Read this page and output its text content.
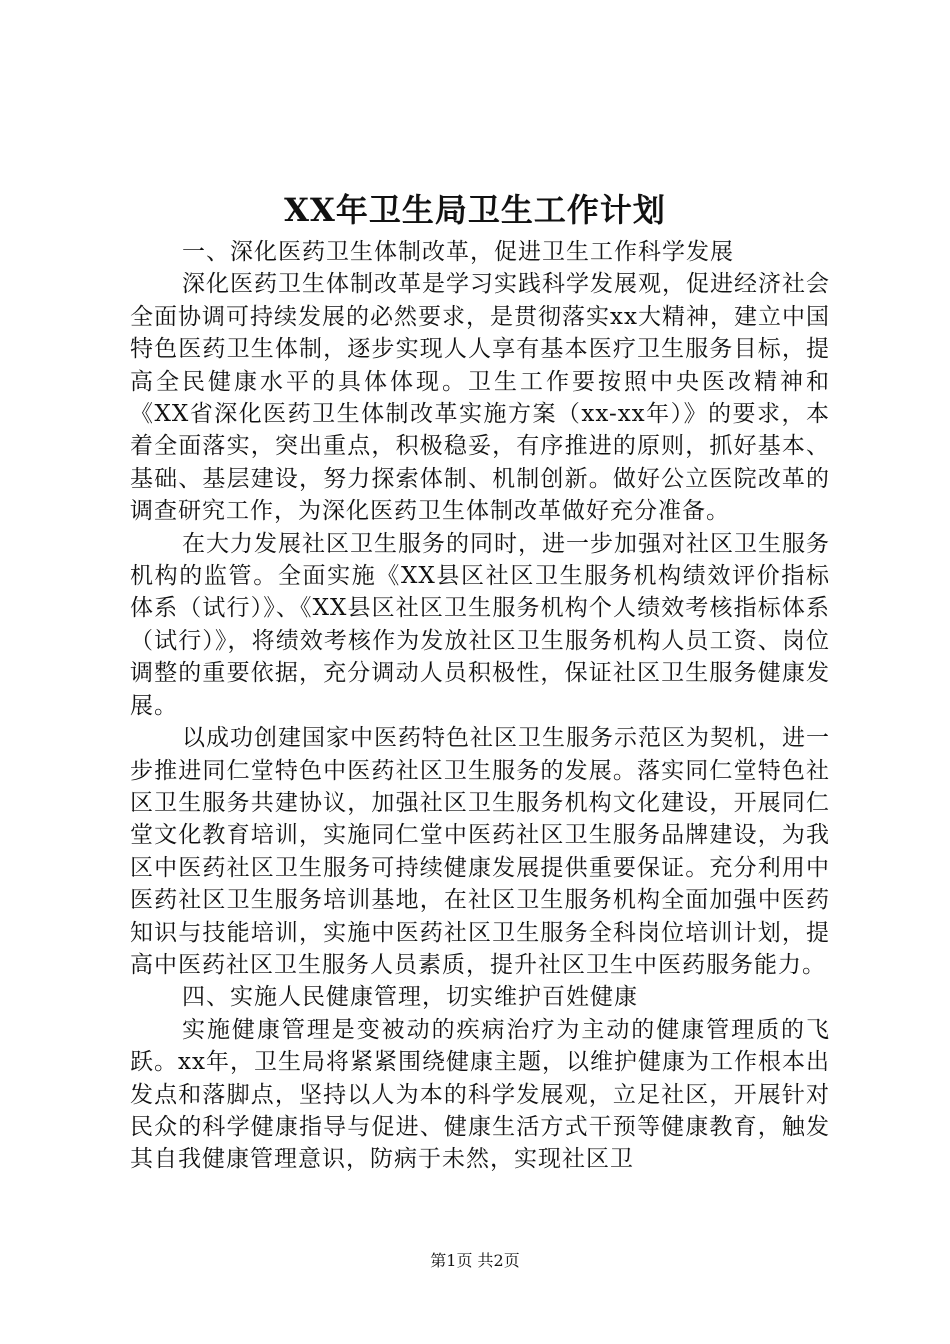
XX年卫生局卫生工作计划

一、深化医药卫生体制改革，促进卫生工作科学发展

深化医药卫生体制改革是学习实践科学发展观，促进经济社会全面协调可持续发展的必然要求，是贯彻落实xx大精神，建立中国特色医药卫生体制，逐步实现人人享有基本医疗卫生服务目标，提高全民健康水平的具体体现。卫生工作要按照中央医改精神和《XX省深化医药卫生体制改革实施方案（xx-xx年）》的要求，本着全面落实，突出重点，积极稳妥，有序推进的原则，抓好基本、基础、基层建设，努力探索体制、机制创新。做好公立医院改革的调查研究工作，为深化医药卫生体制改革做好充分准备。

在大力发展社区卫生服务的同时，进一步加强对社区卫生服务机构的监管。全面实施《XX县区社区卫生服务机构绩效评价指标体系（试行）》、《XX县区社区卫生服务机构个人绩效考核指标体系（试行）》，将绩效考核作为发放社区卫生服务机构人员工资、岗位调整的重要依据，充分调动人员积极性，保证社区卫生服务健康发展。

以成功创建国家中医药特色社区卫生服务示范区为契机，进一步推进同仁堂特色中医药社区卫生服务的发展。落实同仁堂特色社区卫生服务共建协议，加强社区卫生服务机构文化建设，开展同仁堂文化教育培训，实施同仁堂中医药社区卫生服务品牌建设，为我区中医药社区卫生服务可持续健康发展提供重要保证。充分利用中医药社区卫生服务培训基地，在社区卫生服务机构全面加强中医药知识与技能培训，实施中医药社区卫生服务全科岗位培训计划，提高中医药社区卫生服务人员素质，提升社区卫生中医药服务能力。

四、实施人民健康管理，切实维护百姓健康

实施健康管理是变被动的疾病治疗为主动的健康管理质的飞跃。xx年，卫生局将紧紧围绕健康主题，以维护健康为工作根本出发点和落脚点，坚持以人为本的科学发展观，立足社区，开展针对民众的科学健康指导与促进、健康生活方式干预等健康教育，触发其自我健康管理意识，防病于未然，实现社区卫

第1页 共2页
